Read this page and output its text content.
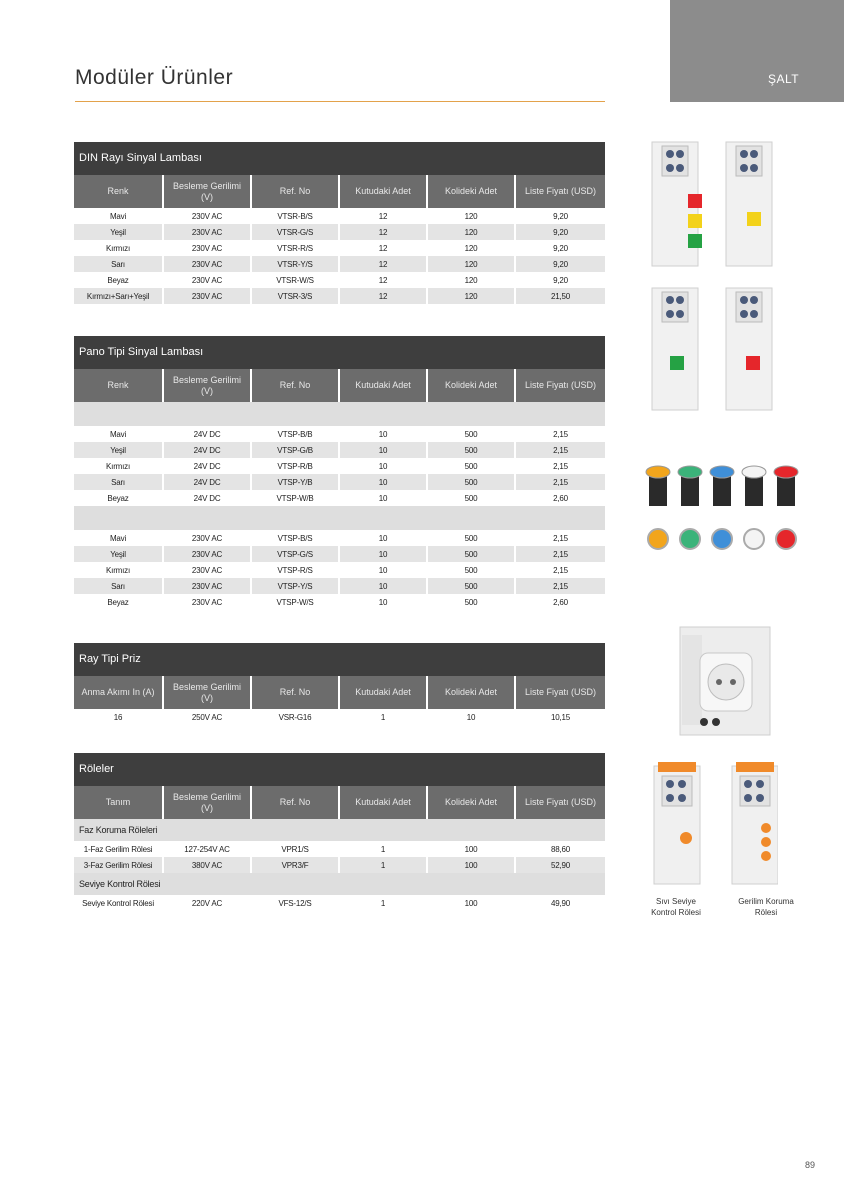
ŞALT
Modüler Ürünler
DIN Rayı Sinyal Lambası
Renk	Besleme Gerilimi (V)	Ref. No	Kutudaki Adet	Kolideki Adet	Liste Fiyatı (USD)
Mavi	230V AC	VTSR-B/S	12	120	9,20
Yeşil	230V AC	VTSR-G/S	12	120	9,20
Kırmızı	230V AC	VTSR-R/S	12	120	9,20
Sarı	230V AC	VTSR-Y/S	12	120	9,20
Beyaz	230V AC	VTSR-W/S	12	120	9,20
Kırmızı+Sarı+Yeşil	230V AC	VTSR-3/S	12	120	21,50
Pano Tipi Sinyal Lambası
Renk	Besleme Gerilimi (V)	Ref. No	Kutudaki Adet	Kolideki Adet	Liste Fiyatı (USD)

Mavi	24V DC	VTSP-B/B	10	500	2,15
Yeşil	24V DC	VTSP-G/B	10	500	2,15
Kırmızı	24V DC	VTSP-R/B	10	500	2,15
Sarı	24V DC	VTSP-Y/B	10	500	2,15
Beyaz	24V DC	VTSP-W/B	10	500	2,60

Mavi	230V AC	VTSP-B/S	10	500	2,15
Yeşil	230V AC	VTSP-G/S	10	500	2,15
Kırmızı	230V AC	VTSP-R/S	10	500	2,15
Sarı	230V AC	VTSP-Y/S	10	500	2,15
Beyaz	230V AC	VTSP-W/S	10	500	2,60
Ray Tipi Priz
Anma Akımı In (A)	Besleme Gerilimi (V)	Ref. No	Kutudaki Adet	Kolideki Adet	Liste Fiyatı (USD)
16	250V AC	VSR-G16	1	10	10,15
Röleler
Tanım	Besleme Gerilimi (V)	Ref. No	Kutudaki Adet	Kolideki Adet	Liste Fiyatı (USD)
Faz Koruma Röleleri					
1-Faz Gerilim Rölesi	127-254V AC	VPR1/S	1	100	88,60
3-Faz Gerilim Rölesi	380V AC	VPR3/F	1	100	52,90
Seviye Kontrol Rölesi					
Seviye Kontrol Rölesi	220V AC	VFS-12/S	1	100	49,90	Sıvı Seviye
Kontrol Rölesi
Gerilim Koruma
Rölesi
89
